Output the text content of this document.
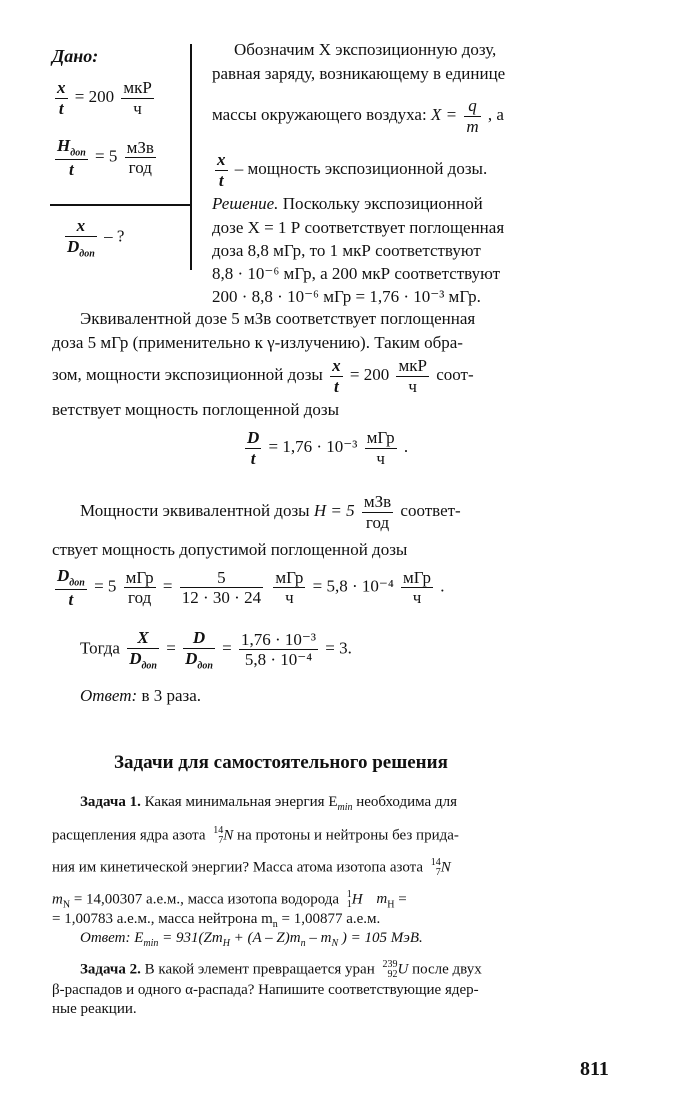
Дано:
$\frac{x}{t} = 200 \frac{\text{мкР}}{ч}$
$\frac{H_{доп}}{t} = 5 \frac{\text{мЗв}}{\text{год}}$
$\frac{x}{D_{доп}}$ – ?
Обозначим X экспозиционную дозу,
равная заряду, возникающему в единице
массы окружающего воздуха: $X = \frac{q}{m}$ , а
$\frac{x}{t}$ – мощность экспозиционной дозы.
Решение. Поскольку экспозиционной
дозе X = 1 Р соответствует поглощенная
доза 8,8 мГр, то 1 мкР соответствуют
8,8 · 10⁻⁶ мГр, а 200 мкР соответствуют
200 · 8,8 · 10⁻⁶ мГр = 1,76 · 10⁻³ мГр.
Эквивалентной дозе 5 мЗв соответствует поглощенная
доза 5 мГр (применительно к γ-излучению). Таким обра-
зом, мощности экспозиционной дозы $\frac{x}{t} = 200 \frac{\text{мкР}}{ч}$ соот-
ветствует мощность поглощенной дозы
$\frac{D}{t} = 1,76 \cdot 10^{-3} \frac{\text{мГр}}{ч}$ .
Мощности эквивалентной дозы $H = 5 \frac{\text{мЗв}}{\text{год}}$ соответ-
ствует мощность допустимой поглощенной дозы
$\frac{D_{доп}}{t} = 5 \frac{\text{мГр}}{\text{год}} = \frac{5}{12 \cdot 30 \cdot 24}$
$\frac{\text{мГр}}{ч} = 5,8 \cdot 10^{-4} \frac{\text{мГр}}{ч}$ .
Тогда $\frac{X}{D_{доп}} = \frac{D}{D_{доп}} = \frac{\text{1,76 · 10⁻³}}{\text{5,8 · 10⁻⁴}} = 3$.
Ответ: в 3 раза.
Задачи для самостоятельного решения
Задача 1. Какая минимальная энергия $E_{min}$ необходима для
расщепления ядра азота 14
7 N на протоны и нейтроны без прида-
ния им кинетической энергии? Масса атома изотопа азота 14
7 N
$m_N = 14,00307$ а.е.м., масса изотопа водорода 1
1 H $m_H$ =
= 1,00783 а.е.м., масса нейтрона $m_n = 1,00877$ а.е.м.
Ответ: $E_{min} = 931(Zm_H + (A - Z)m_n - m_N$ ) = 105 МэВ.
Задача 2. В какой элемент превращается уран 239
92 U после двух
β-распадов и одного α-распада? Напишите соответствующие ядер-
ные реакции.
811
